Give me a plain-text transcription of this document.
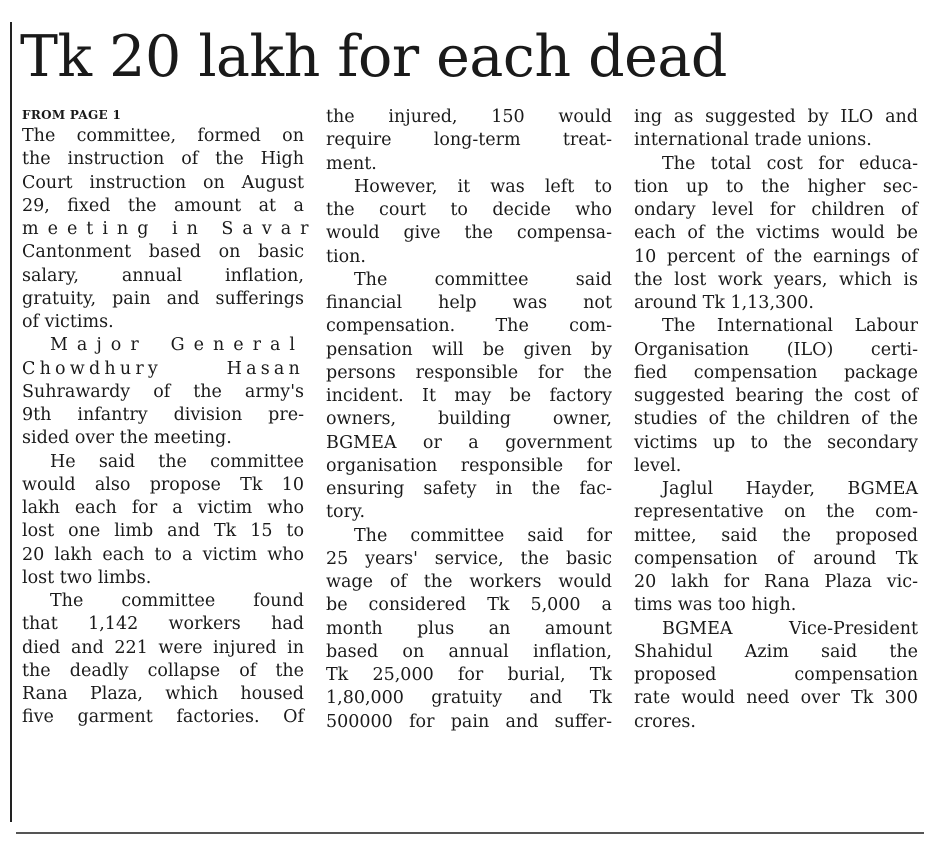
Tk 20 lakh for each dead
FROM PAGE 1
The committee, formed on
the instruction of the High
Court instruction on August
29, fixed the amount at a
meeting in Savar
Cantonment based on basic
salary, annual inflation,
gratuity, pain and sufferings
of victims.
Major General
Chowdhury Hasan
Suhrawardy of the army's
9th infantry division pre-
sided over the meeting.
He said the committee
would also propose Tk 10
lakh each for a victim who
lost one limb and Tk 15 to
20 lakh each to a victim who
lost two limbs.
The committee found
that 1,142 workers had
died and 221 were injured in
the deadly collapse of the
Rana Plaza, which housed
five garment factories. Of
the injured, 150 would
require long-term treat-
ment.
However, it was left to
the court to decide who
would give the compensa-
tion.
The committee said
financial help was not
compensation. The com-
pensation will be given by
persons responsible for the
incident. It may be factory
owners, building owner,
BGMEA or a government
organisation responsible for
ensuring safety in the fac-
tory.
The committee said for
25 years' service, the basic
wage of the workers would
be considered Tk 5,000 a
month plus an amount
based on annual inflation,
Tk 25,000 for burial, Tk
1,80,000 gratuity and Tk
500000 for pain and suffer-
ing as suggested by ILO and
international trade unions.
The total cost for educa-
tion up to the higher sec-
ondary level for children of
each of the victims would be
10 percent of the earnings of
the lost work years, which is
around Tk 1,13,300.
The International Labour
Organisation (ILO) certi-
fied compensation package
suggested bearing the cost of
studies of the children of the
victims up to the secondary
level.
Jaglul Hayder, BGMEA
representative on the com-
mittee, said the proposed
compensation of around Tk
20 lakh for Rana Plaza vic-
tims was too high.
BGMEA Vice-President
Shahidul Azim said the
proposed compensation
rate would need over Tk 300
crores.
